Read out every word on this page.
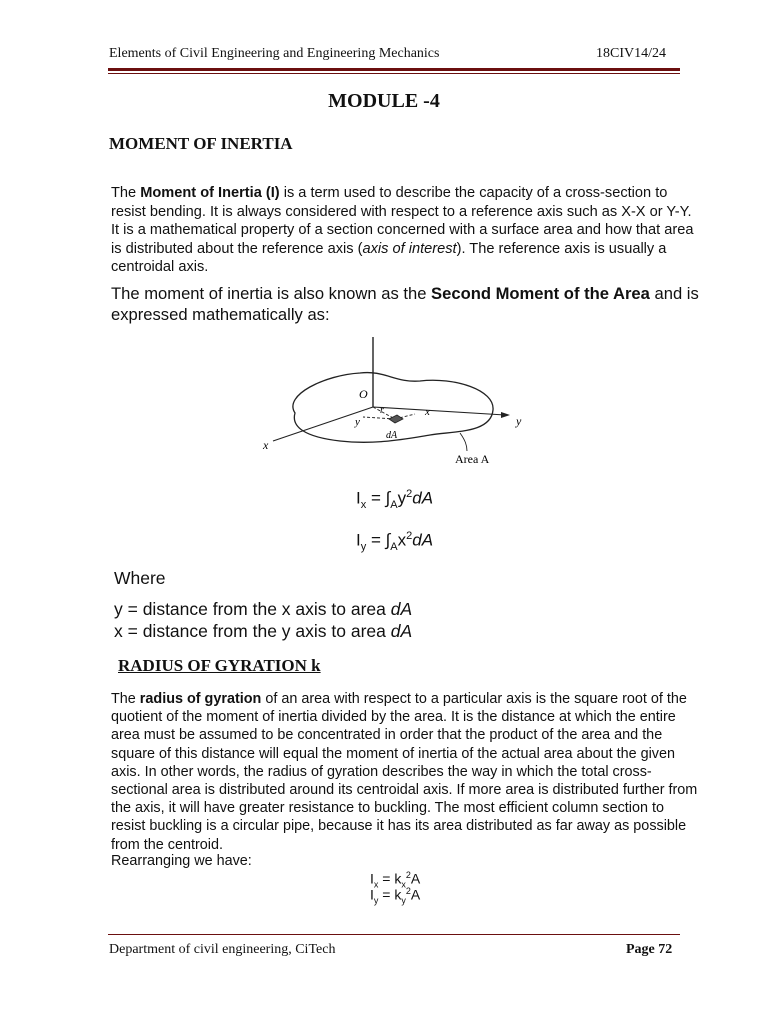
Elements of Civil Engineering and Engineering Mechanics	18CIV14/24
MODULE -4
MOMENT OF INERTIA
The Moment of Inertia (I) is a term used to describe the capacity of a cross-section to resist bending. It is always considered with respect to a reference axis such as X-X or Y-Y. It is a mathematical property of a section concerned with a surface area and how that area is distributed about the reference axis (axis of interest). The reference axis is usually a centroidal axis.
The moment of inertia is also known as the Second Moment of the Area and is expressed mathematically as:
O
r	x
y
dA
x
y
Area A
$I_x = \int_Ay^2dA$
$I_y = \int_Ax^2dA$
Where
y = distance from the x axis to area dA
x = distance from the y axis to area dA
RADIUS OF GYRATION k
The radius of gyration of an area with respect to a particular axis is the square root of the quotient of the moment of inertia divided by the area. It is the distance at which the entire area must be assumed to be concentrated in order that the product of the area and the square of this distance will equal the moment of inertia of the actual area about the given axis. In other words, the radius of gyration describes the way in which the total cross-sectional area is distributed around its centroidal axis. If more area is distributed further from the axis, it will have greater resistance to buckling. The most efficient column section to resist buckling is a circular pipe, because it has its area distributed as far away as possible from the centroid.
Rearranging we have:
$I_x = k_x^2A$
$I_y = k_y^2A$
Department of civil engineering, CiTech	Page 72
